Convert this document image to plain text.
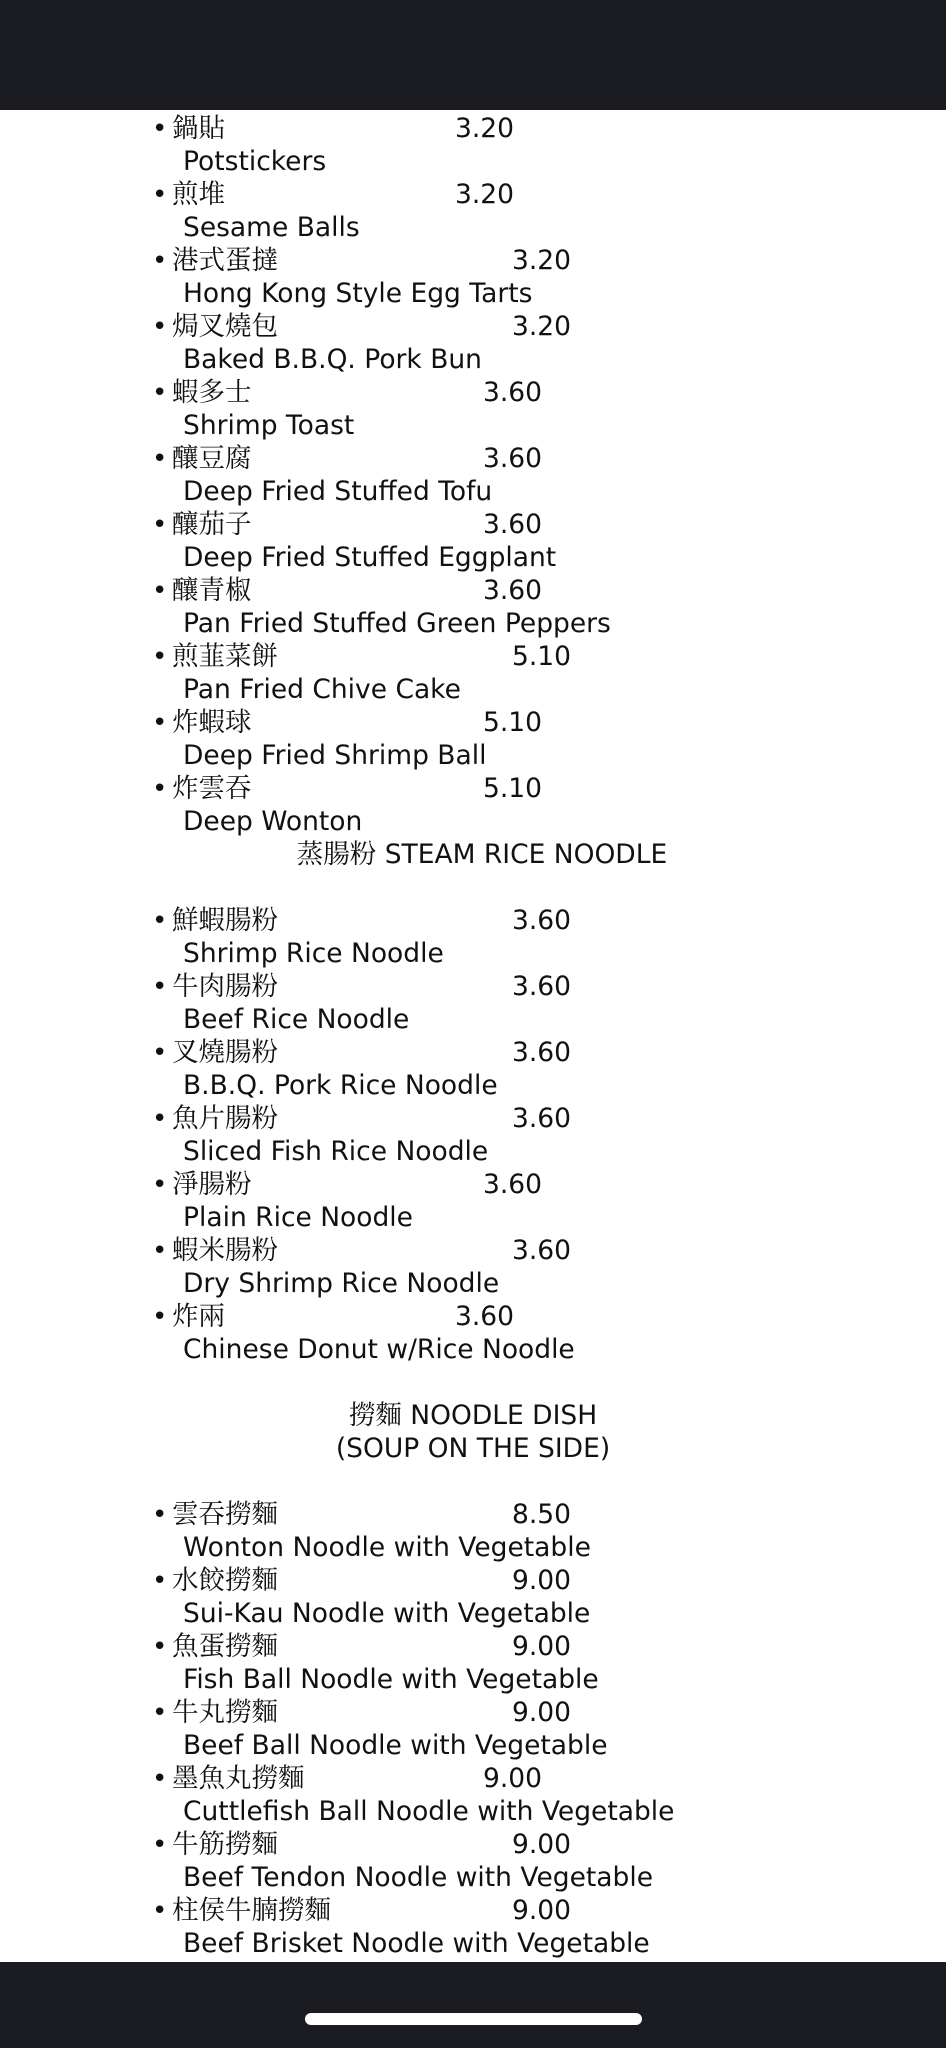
• 鍋貼	3.20
Potstickers
• 煎堆	3.20
Sesame Balls
• 港式蛋撻	3.20
Hong Kong Style Egg Tarts
• 焗叉燒包	3.20
Baked B.B.Q. Pork Bun
• 蝦多士	3.60
Shrimp Toast
• 釀豆腐	3.60
Deep Fried Stuffed Tofu
• 釀茄子	3.60
Deep Fried Stuffed Eggplant
• 釀青椒	3.60
Pan Fried Stuffed Green Peppers
• 煎韮菜餅	5.10
Pan Fried Chive Cake
• 炸蝦球	5.10
Deep Fried Shrimp Ball
• 炸雲吞	5.10
Deep Wonton
蒸腸粉 STEAM RICE NOODLE
• 鮮蝦腸粉	3.60
Shrimp Rice Noodle
• 牛肉腸粉	3.60
Beef Rice Noodle
• 叉燒腸粉	3.60
B.B.Q. Pork Rice Noodle
• 魚片腸粉	3.60
Sliced Fish Rice Noodle
• 淨腸粉	3.60
Plain Rice Noodle
• 蝦米腸粉	3.60
Dry Shrimp Rice Noodle
• 炸兩	3.60
Chinese Donut w/Rice Noodle
撈麵 NOODLE DISH
(SOUP ON THE SIDE)
• 雲吞撈麵	8.50
Wonton Noodle with Vegetable
• 水餃撈麵	9.00
Sui-Kau Noodle with Vegetable
• 魚蛋撈麵	9.00
Fish Ball Noodle with Vegetable
• 牛丸撈麵	9.00
Beef Ball Noodle with Vegetable
• 墨魚丸撈麵	9.00
Cuttlefish Ball Noodle with Vegetable
• 牛筋撈麵	9.00
Beef Tendon Noodle with Vegetable
• 柱侯牛腩撈麵	9.00
Beef Brisket Noodle with Vegetable
